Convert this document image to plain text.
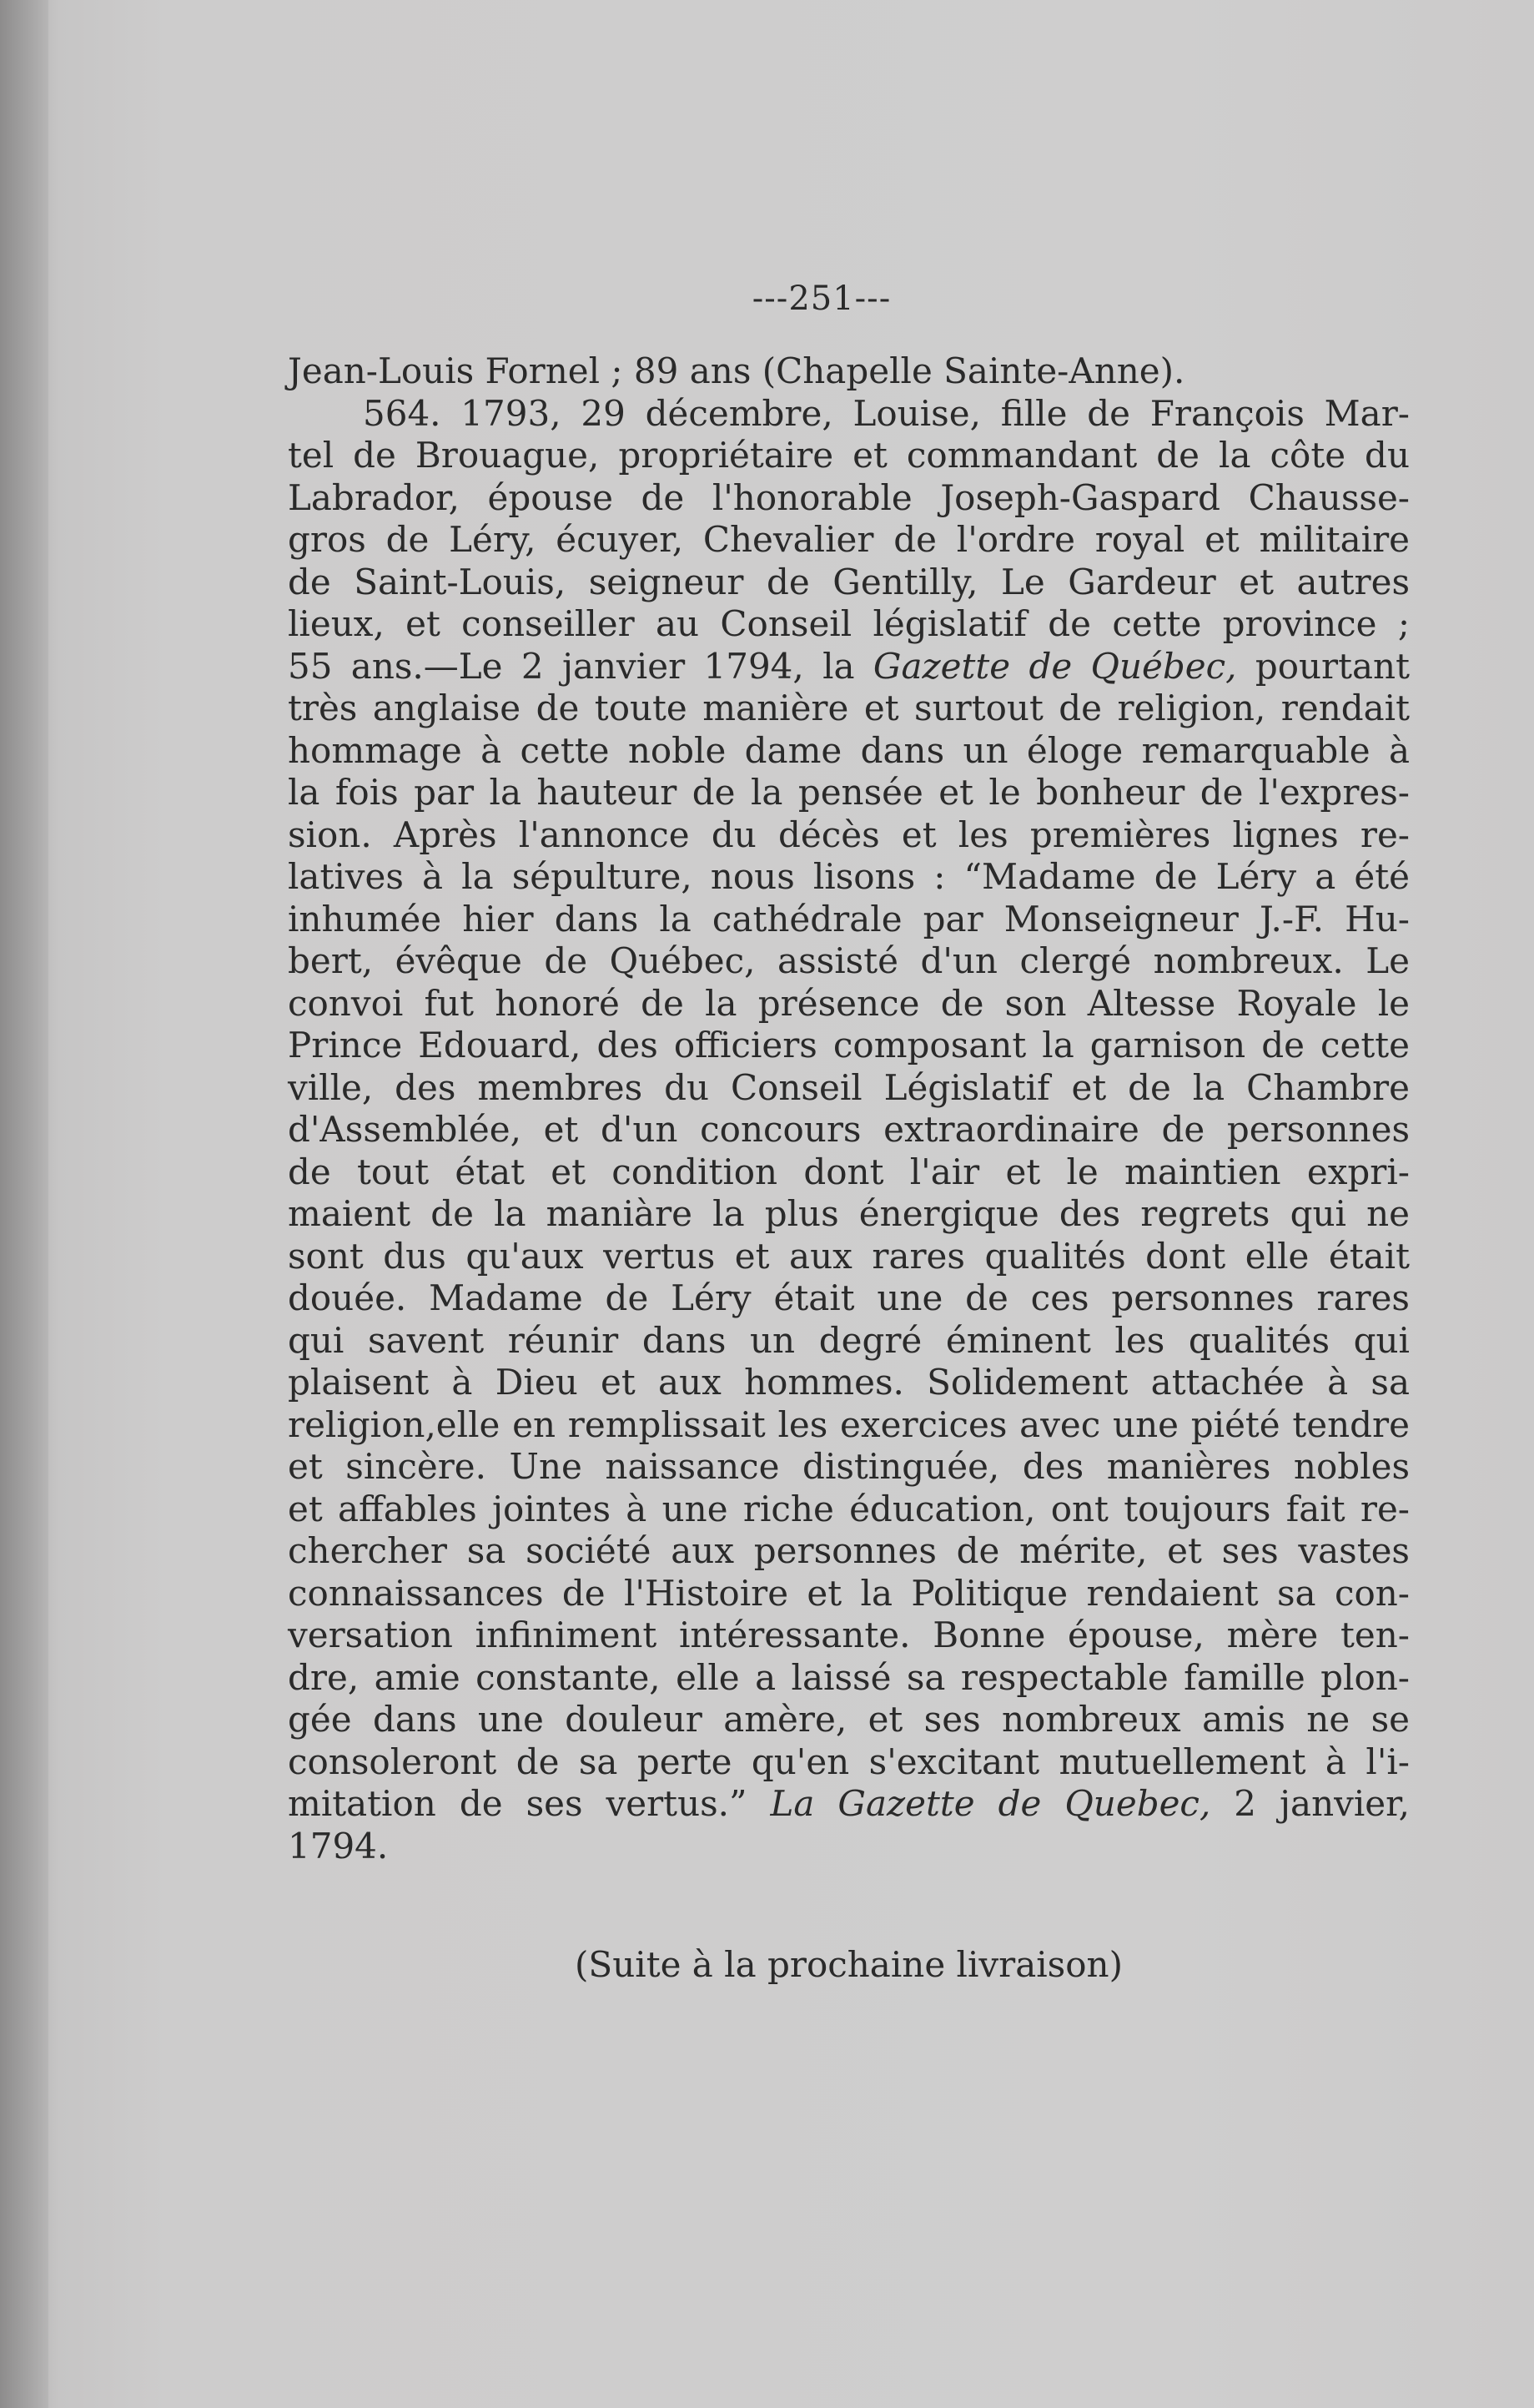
---251---
Jean-Louis Fornel ; 89 ans (Chapelle Sainte-Anne).
564. 1793, 29 décembre, Louise, fille de François Mar-
tel de Brouague, propriétaire et commandant de la côte du
Labrador, épouse de l'honorable Joseph-Gaspard Chausse-
gros de Léry, écuyer, Chevalier de l'ordre royal et militaire
de Saint-Louis, seigneur de Gentilly, Le Gardeur et autres
lieux, et conseiller au Conseil législatif de cette province ;
55 ans.—Le 2 janvier 1794, la Gazette de Québec, pourtant
très anglaise de toute manière et surtout de religion, rendait
hommage à cette noble dame dans un éloge remarquable à
la fois par la hauteur de la pensée et le bonheur de l'expres-
sion. Après l'annonce du décès et les premières lignes re-
latives à la sépulture, nous lisons : “Madame de Léry a été
inhumée hier dans la cathédrale par Monseigneur J.-F. Hu-
bert, évêque de Québec, assisté d'un clergé nombreux. Le
convoi fut honoré de la présence de son Altesse Royale le
Prince Edouard, des officiers composant la garnison de cette
ville, des membres du Conseil Législatif et de la Chambre
d'Assemblée, et d'un concours extraordinaire de personnes
de tout état et condition dont l'air et le maintien expri-
maient de la maniàre la plus énergique des regrets qui ne
sont dus qu'aux vertus et aux rares qualités dont elle était
douée. Madame de Léry était une de ces personnes rares
qui savent réunir dans un degré éminent les qualités qui
plaisent à Dieu et aux hommes. Solidement attachée à sa
religion,elle en remplissait les exercices avec une piété tendre
et sincère. Une naissance distinguée, des manières nobles
et affables jointes à une riche éducation, ont toujours fait re-
chercher sa société aux personnes de mérite, et ses vastes
connaissances de l'Histoire et la Politique rendaient sa con-
versation infiniment intéressante. Bonne épouse, mère ten-
dre, amie constante, elle a laissé sa respectable famille plon-
gée dans une douleur amère, et ses nombreux amis ne se
consoleront de sa perte qu'en s'excitant mutuellement à l'i-
mitation de ses vertus.” La Gazette de Quebec, 2 janvier,
1794.
(Suite à la prochaine livraison)
